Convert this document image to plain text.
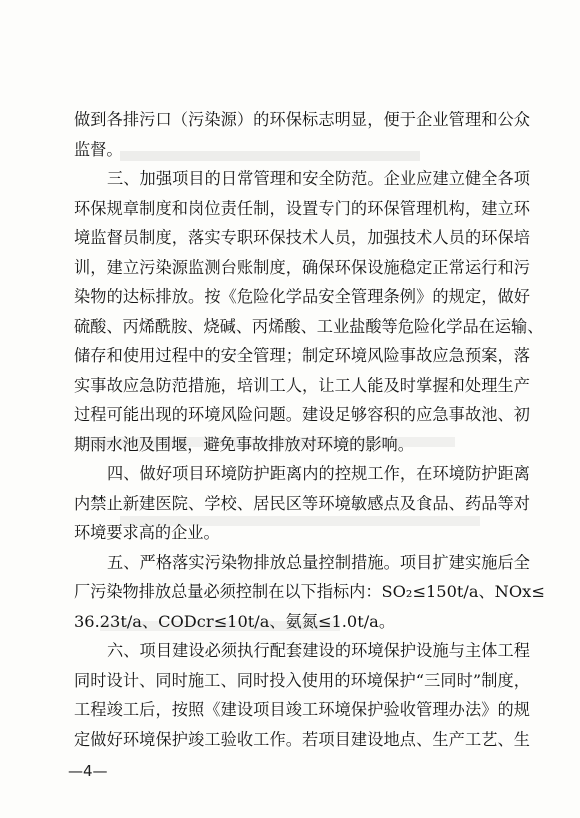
做到各排污口（污染源）的环保标志明显，便于企业管理和公众
监督。
三、加强项目的日常管理和安全防范。企业应建立健全各项
环保规章制度和岗位责任制，设置专门的环保管理机构，建立环
境监督员制度，落实专职环保技术人员，加强技术人员的环保培
训，建立污染源监测台账制度，确保环保设施稳定正常运行和污
染物的达标排放。按《危险化学品安全管理条例》的规定，做好
硫酸、丙烯酰胺、烧碱、丙烯酸、工业盐酸等危险化学品在运输、
储存和使用过程中的安全管理；制定环境风险事故应急预案，落
实事故应急防范措施，培训工人，让工人能及时掌握和处理生产
过程可能出现的环境风险问题。建设足够容积的应急事故池、初
期雨水池及围堰，避免事故排放对环境的影响。
四、做好项目环境防护距离内的控规工作，在环境防护距离
内禁止新建医院、学校、居民区等环境敏感点及食品、药品等对
环境要求高的企业。
五、严格落实污染物排放总量控制措施。项目扩建实施后全
厂污染物排放总量必须控制在以下指标内：SO₂≤150t/a、NOx≤
36.23t/a、CODcr≤10t/a、氨氮≤1.0t/a。
六、项目建设必须执行配套建设的环境保护设施与主体工程
同时设计、同时施工、同时投入使用的环境保护“三同时”制度，
工程竣工后，按照《建设项目竣工环境保护验收管理办法》的规
定做好环境保护竣工验收工作。若项目建设地点、生产工艺、生
—4—
